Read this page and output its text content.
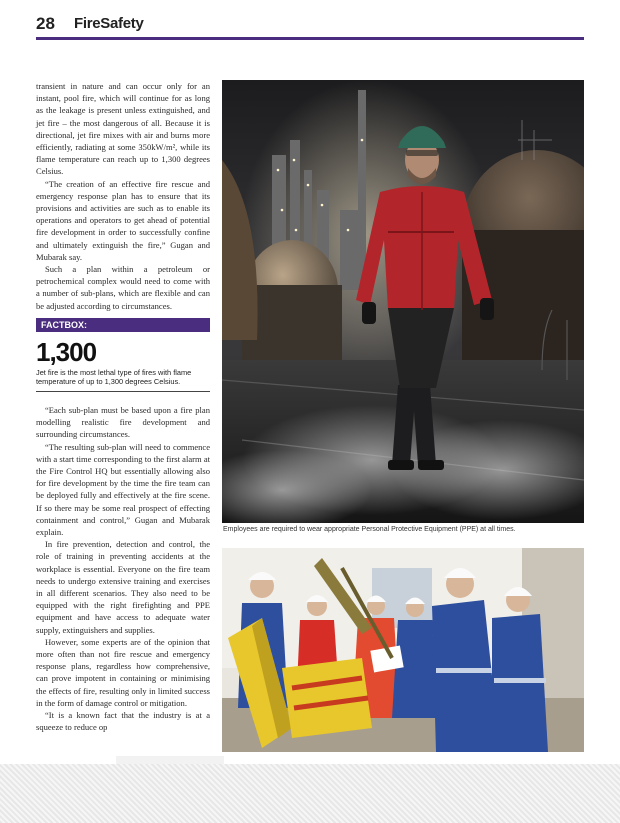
28 FireSafety

transient in nature and can occur only for an instant, pool fire, which will continue for as long as the leakage is present unless extinguished, and jet fire – the most dangerous of all. Because it is directional, jet fire mixes with air and burns more efficiently, radiating at some 350kW/m², while its flame temperature can reach up to 1,300 degrees Celsius.

“The creation of an effective fire rescue and emergency response plan has to ensure that its provisions and activities are such as to enable its operations and operators to get ahead of potential fire development in order to successfully confine and ultimately extinguish the fire,” Gugan and Mubarak say.

Such a plan within a petroleum or petrochemical complex would need to come with a number of sub-plans, which are flexible and can be adjusted according to circumstances.

FACTBOX:
1,300
Jet fire is the most lethal type of fires with flame temperature of up to 1,300 degrees Celsius.

“Each sub-plan must be based upon a fire plan modelling realistic fire development and surrounding circumstances.

“The resulting sub-plan will need to commence with a start time corresponding to the first alarm at the Fire Control HQ but essentially allowing also for fire development by the time the fire team can be deployed fully and effectively at the fire scene. If so there may be some real prospect of effecting containment and control,” Gugan and Mubarak explain.

In fire prevention, detection and control, the role of training in preventing accidents at the workplace is essential. Everyone on the fire team needs to undergo extensive training and exercises in all different scenarios. They also need to be equipped with the right firefighting and PPE equipment and have access to adequate water supply, extinguishers and supplies.

However, some experts are of the opinion that more often than not fire rescue and emergency response plans, regardless how comprehensive, can prove impotent in containing or minimising the effects of fire, resulting only in limited success in the form of damage control or mitigation.

“It is a known fact that the industry is at a squeeze to reduce op

Employees are required to wear appropriate Personal Protective Equipment (PPE) at all times.
